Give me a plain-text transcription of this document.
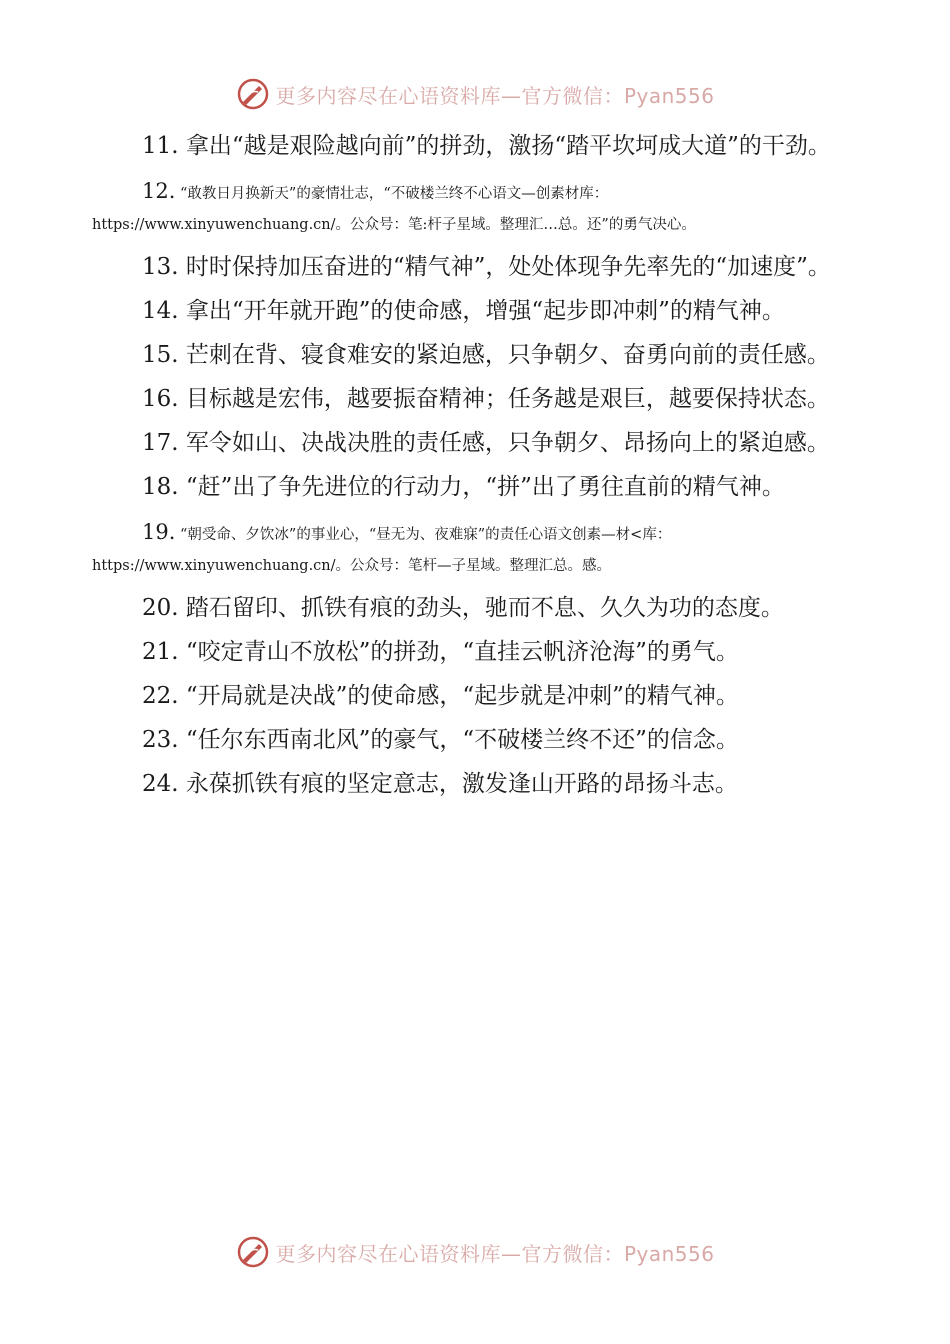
更多内容尽在心语资料库—官方微信：Pyan556

11. 拿出“越是艰险越向前”的拼劲，激扬“踏平坎坷成大道”的干劲。

12. “敢教日月换新天”的豪情壮志，“不破楼兰终不心语文—创素材库：https://www.xinyuwenchuang.cn/。公众号：笔:杆子星域。整理汇…总。还”的勇气决心。

13. 时时保持加压奋进的“精气神”，处处体现争先率先的“加速度”。

14. 拿出“开年就开跑”的使命感，增强“起步即冲刺”的精气神。

15. 芒刺在背、寝食难安的紧迫感，只争朝夕、奋勇向前的责任感。

16. 目标越是宏伟，越要振奋精神；任务越是艰巨，越要保持状态。

17. 军令如山、决战决胜的责任感，只争朝夕、昂扬向上的紧迫感。

18. “赶”出了争先进位的行动力，“拼”出了勇往直前的精气神。

19. “朝受命、夕饮冰”的事业心，“昼无为、夜难寐”的责任心语文创素—材<库：https://www.xinyuwenchuang.cn/。公众号：笔杆—子星域。整理汇总。感。

20. 踏石留印、抓铁有痕的劲头，驰而不息、久久为功的态度。

21. “咬定青山不放松”的拼劲，“直挂云帆济沧海”的勇气。

22. “开局就是决战”的使命感，“起步就是冲刺”的精气神。

23. “任尔东西南北风”的豪气，“不破楼兰终不还”的信念。

24. 永葆抓铁有痕的坚定意志，激发逢山开路的昂扬斗志。

更多内容尽在心语资料库—官方微信：Pyan556
